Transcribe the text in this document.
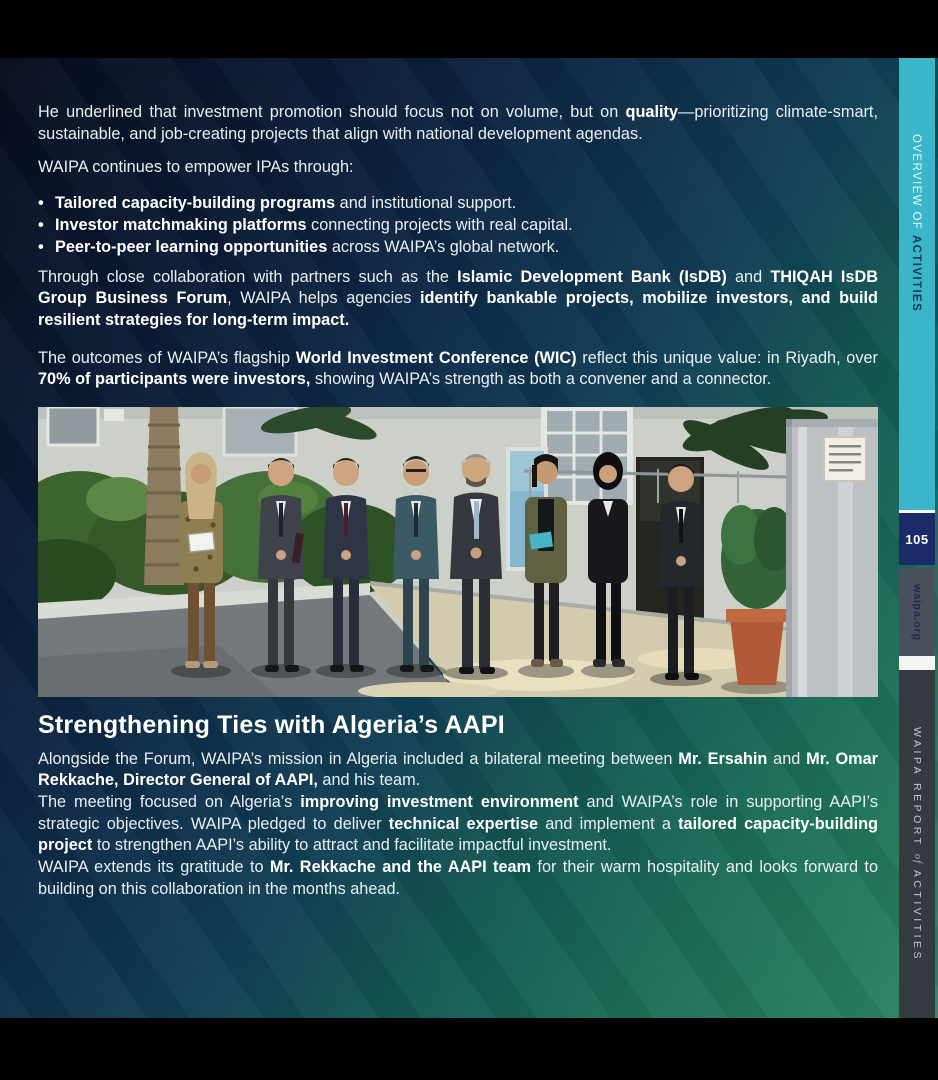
He underlined that investment promotion should focus not on volume, but on quality—prioritizing climate-smart, sustainable, and job-creating projects that align with national development agendas.

WAIPA continues to empower IPAs through:

• Tailored capacity-building programs and institutional support.
• Investor matchmaking platforms connecting projects with real capital.
• Peer-to-peer learning opportunities across WAIPA’s global network.

Through close collaboration with partners such as the Islamic Development Bank (IsDB) and THIQAH IsDB Group Business Forum, WAIPA helps agencies identify bankable projects, mobilize investors, and build resilient strategies for long-term impact.

The outcomes of WAIPA’s flagship World Investment Conference (WIC) reflect this unique value: in Riyadh, over 70% of participants were investors, showing WAIPA’s strength as both a convener and a connector.

Strengthening Ties with Algeria’s AAPI

Alongside the Forum, WAIPA’s mission in Algeria included a bilateral meeting between Mr. Ersahin and Mr. Omar Rekkache, Director General of AAPI, and his team.

The meeting focused on Algeria’s improving investment environment and WAIPA’s role in supporting AAPI’s strategic objectives. WAIPA pledged to deliver technical expertise and implement a tailored capacity-building project to strengthen AAPI’s ability to attract and facilitate impactful investment.

WAIPA extends its gratitude to Mr. Rekkache and the AAPI team for their warm hospitality and looks forward to building on this collaboration in the months ahead.

OVERVIEW OF ACTIVITIES
105
waipa.org
WAIPA REPORT of ACTIVITIES
